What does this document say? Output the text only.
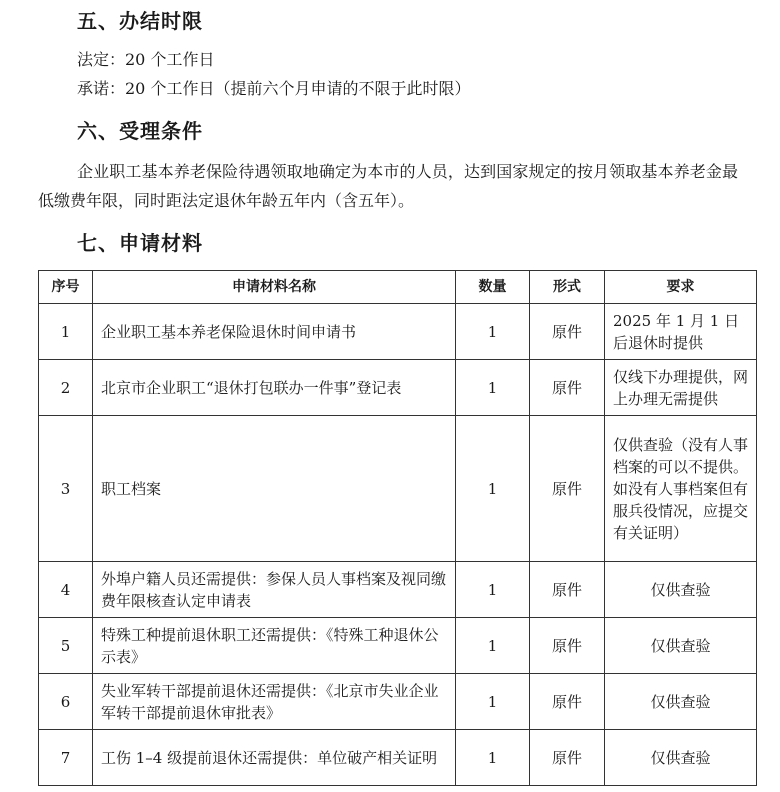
五、办结时限
法定：20 个工作日
承诺：20 个工作日（提前六个月申请的不限于此时限）
六、受理条件
企业职工基本养老保险待遇领取地确定为本市的人员，达到国家规定的按月领取基本养老金最低缴费年限，同时距法定退休年龄五年内（含五年）。
七、申请材料
序号	申请材料名称	数量	形式	要求
1	企业职工基本养老保险退休时间申请书	1	原件	2025 年 1 月 1 日后退休时提供
2	北京市企业职工“退休打包联办一件事”登记表	1	原件	仅线下办理提供，网上办理无需提供
3	职工档案	1	原件	仅供查验（没有人事档案的可以不提供。如没有人事档案但有服兵役情况，应提交有关证明）
4	外埠户籍人员还需提供：参保人员人事档案及视同缴费年限核查认定申请表	1	原件	仅供查验
5	特殊工种提前退休职工还需提供：《特殊工种退休公示表》	1	原件	仅供查验
6	失业军转干部提前退休还需提供：《北京市失业企业军转干部提前退休审批表》	1	原件	仅供查验
7	工伤 1–4 级提前退休还需提供：单位破产相关证明	1	原件	仅供查验
